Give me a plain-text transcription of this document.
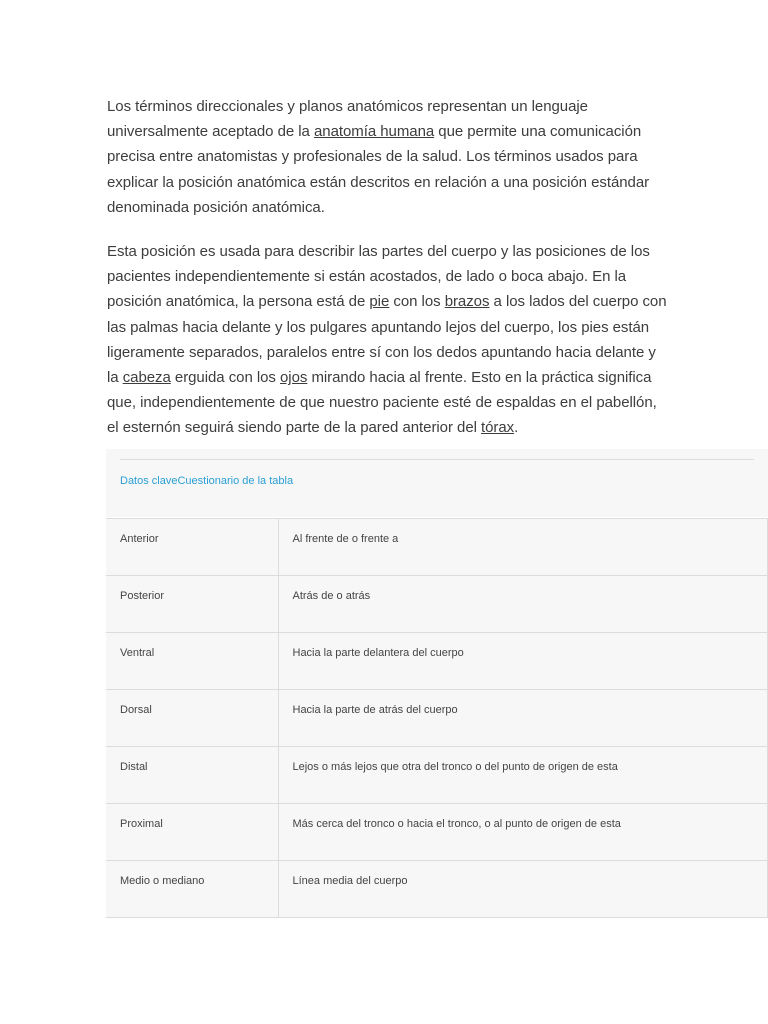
Los términos direccionales y planos anatómicos representan un lenguaje universalmente aceptado de la anatomía humana que permite una comunicación precisa entre anatomistas y profesionales de la salud. Los términos usados para explicar la posición anatómica están descritos en relación a una posición estándar denominada posición anatómica.

Esta posición es usada para describir las partes del cuerpo y las posiciones de los pacientes independientemente si están acostados, de lado o boca abajo. En la posición anatómica, la persona está de pie con los brazos a los lados del cuerpo con las palmas hacia delante y los pulgares apuntando lejos del cuerpo, los pies están ligeramente separados, paralelos entre sí con los dedos apuntando hacia delante y la cabeza erguida con los ojos mirando hacia al frente. Esto en la práctica significa que, independientemente de que nuestro paciente esté de espaldas en el pabellón, el esternón seguirá siendo parte de la pared anterior del tórax.

Datos claveCuestionario de la tabla
Anterior	Al frente de o frente a
Posterior	Atrás de o atrás
Ventral	Hacia la parte delantera del cuerpo
Dorsal	Hacia la parte de atrás del cuerpo
Distal	Lejos o más lejos que otra del tronco o del punto de origen de esta
Proximal	Más cerca del tronco o hacia el tronco, o al punto de origen de esta
Medio o mediano	Línea media del cuerpo
